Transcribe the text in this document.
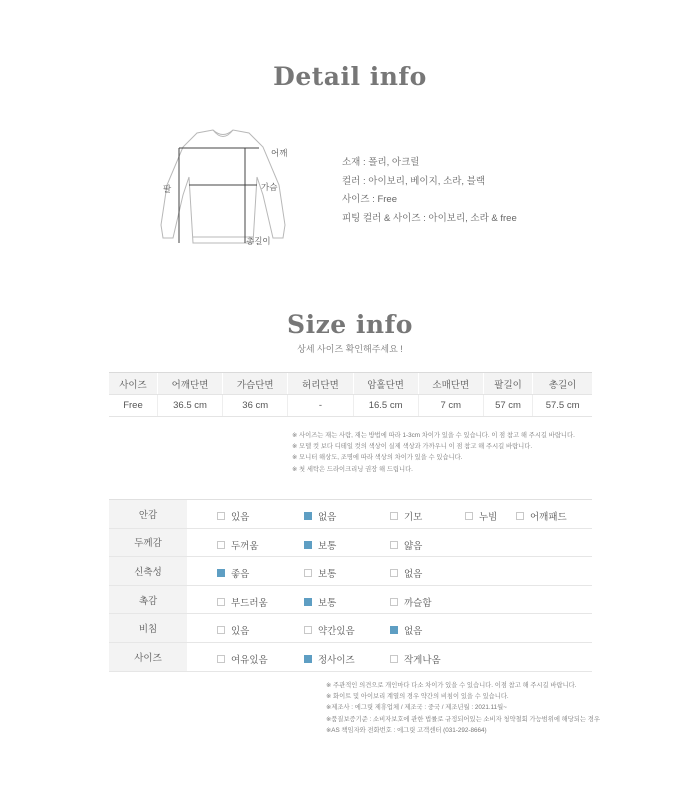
Detail info
어깨
팔	가슴
총길이
소재 : 폴리, 아크릴
컬러 : 아이보리, 베이지, 소라, 블랙
사이즈 : Free
피팅 컬러 & 사이즈 : 아이보리, 소라 & free
Size info
상세 사이즈 확인해주세요 !
사이즈	어깨단면	가슴단면	허리단면	암홀단면	소매단면	팔길이	총길이
Free	36.5 cm	36 cm	-	16.5 cm	7 cm	57 cm	57.5 cm
※ 사이즈는 재는 사람, 재는 방법에 따라 1-3cm 차이가 있을 수 있습니다. 이 점 참고 해 주시길 바랍니다.
※ 모델 컷 보다 디테일 컷의 색상이 실제 색상과 가까우니 이 점 참고 해 주시길 바랍니다.
※ 모니터 해상도, 조명에 따라 색상의 차이가 있을 수 있습니다.
※ 첫 세탁은 드라이크리닝 권장 해 드립니다.
안감	있음 없음 기모 누빔 어깨패드

두께감	두꺼움 보통 얇음

신축성	좋음 보통 없음

촉감	부드러움 보통 까슬함

비침	있음 약간있음 없음

사이즈	여유있음 정사이즈 작게나옴
※ 주관적인 의견으로 개인마다 다소 차이가 있을 수 있습니다. 이점 참고 해 주시길 바랍니다.
※ 화이트 및 아이보리 계열의 경우 약간의 비침이 있을 수 있습니다.
※제조사 : 에그릿 제휴업체 / 제조국 : 중국 / 제조년월 : 2021.11월~
※품질보증기준 : 소비자보호에 관한 법률로 규정되어있는 소비자 청약철회 가능범위에 해당되는 경우
※AS 책임자와 전화번호 : 에그릿 고객센터 (031-292-8664)
